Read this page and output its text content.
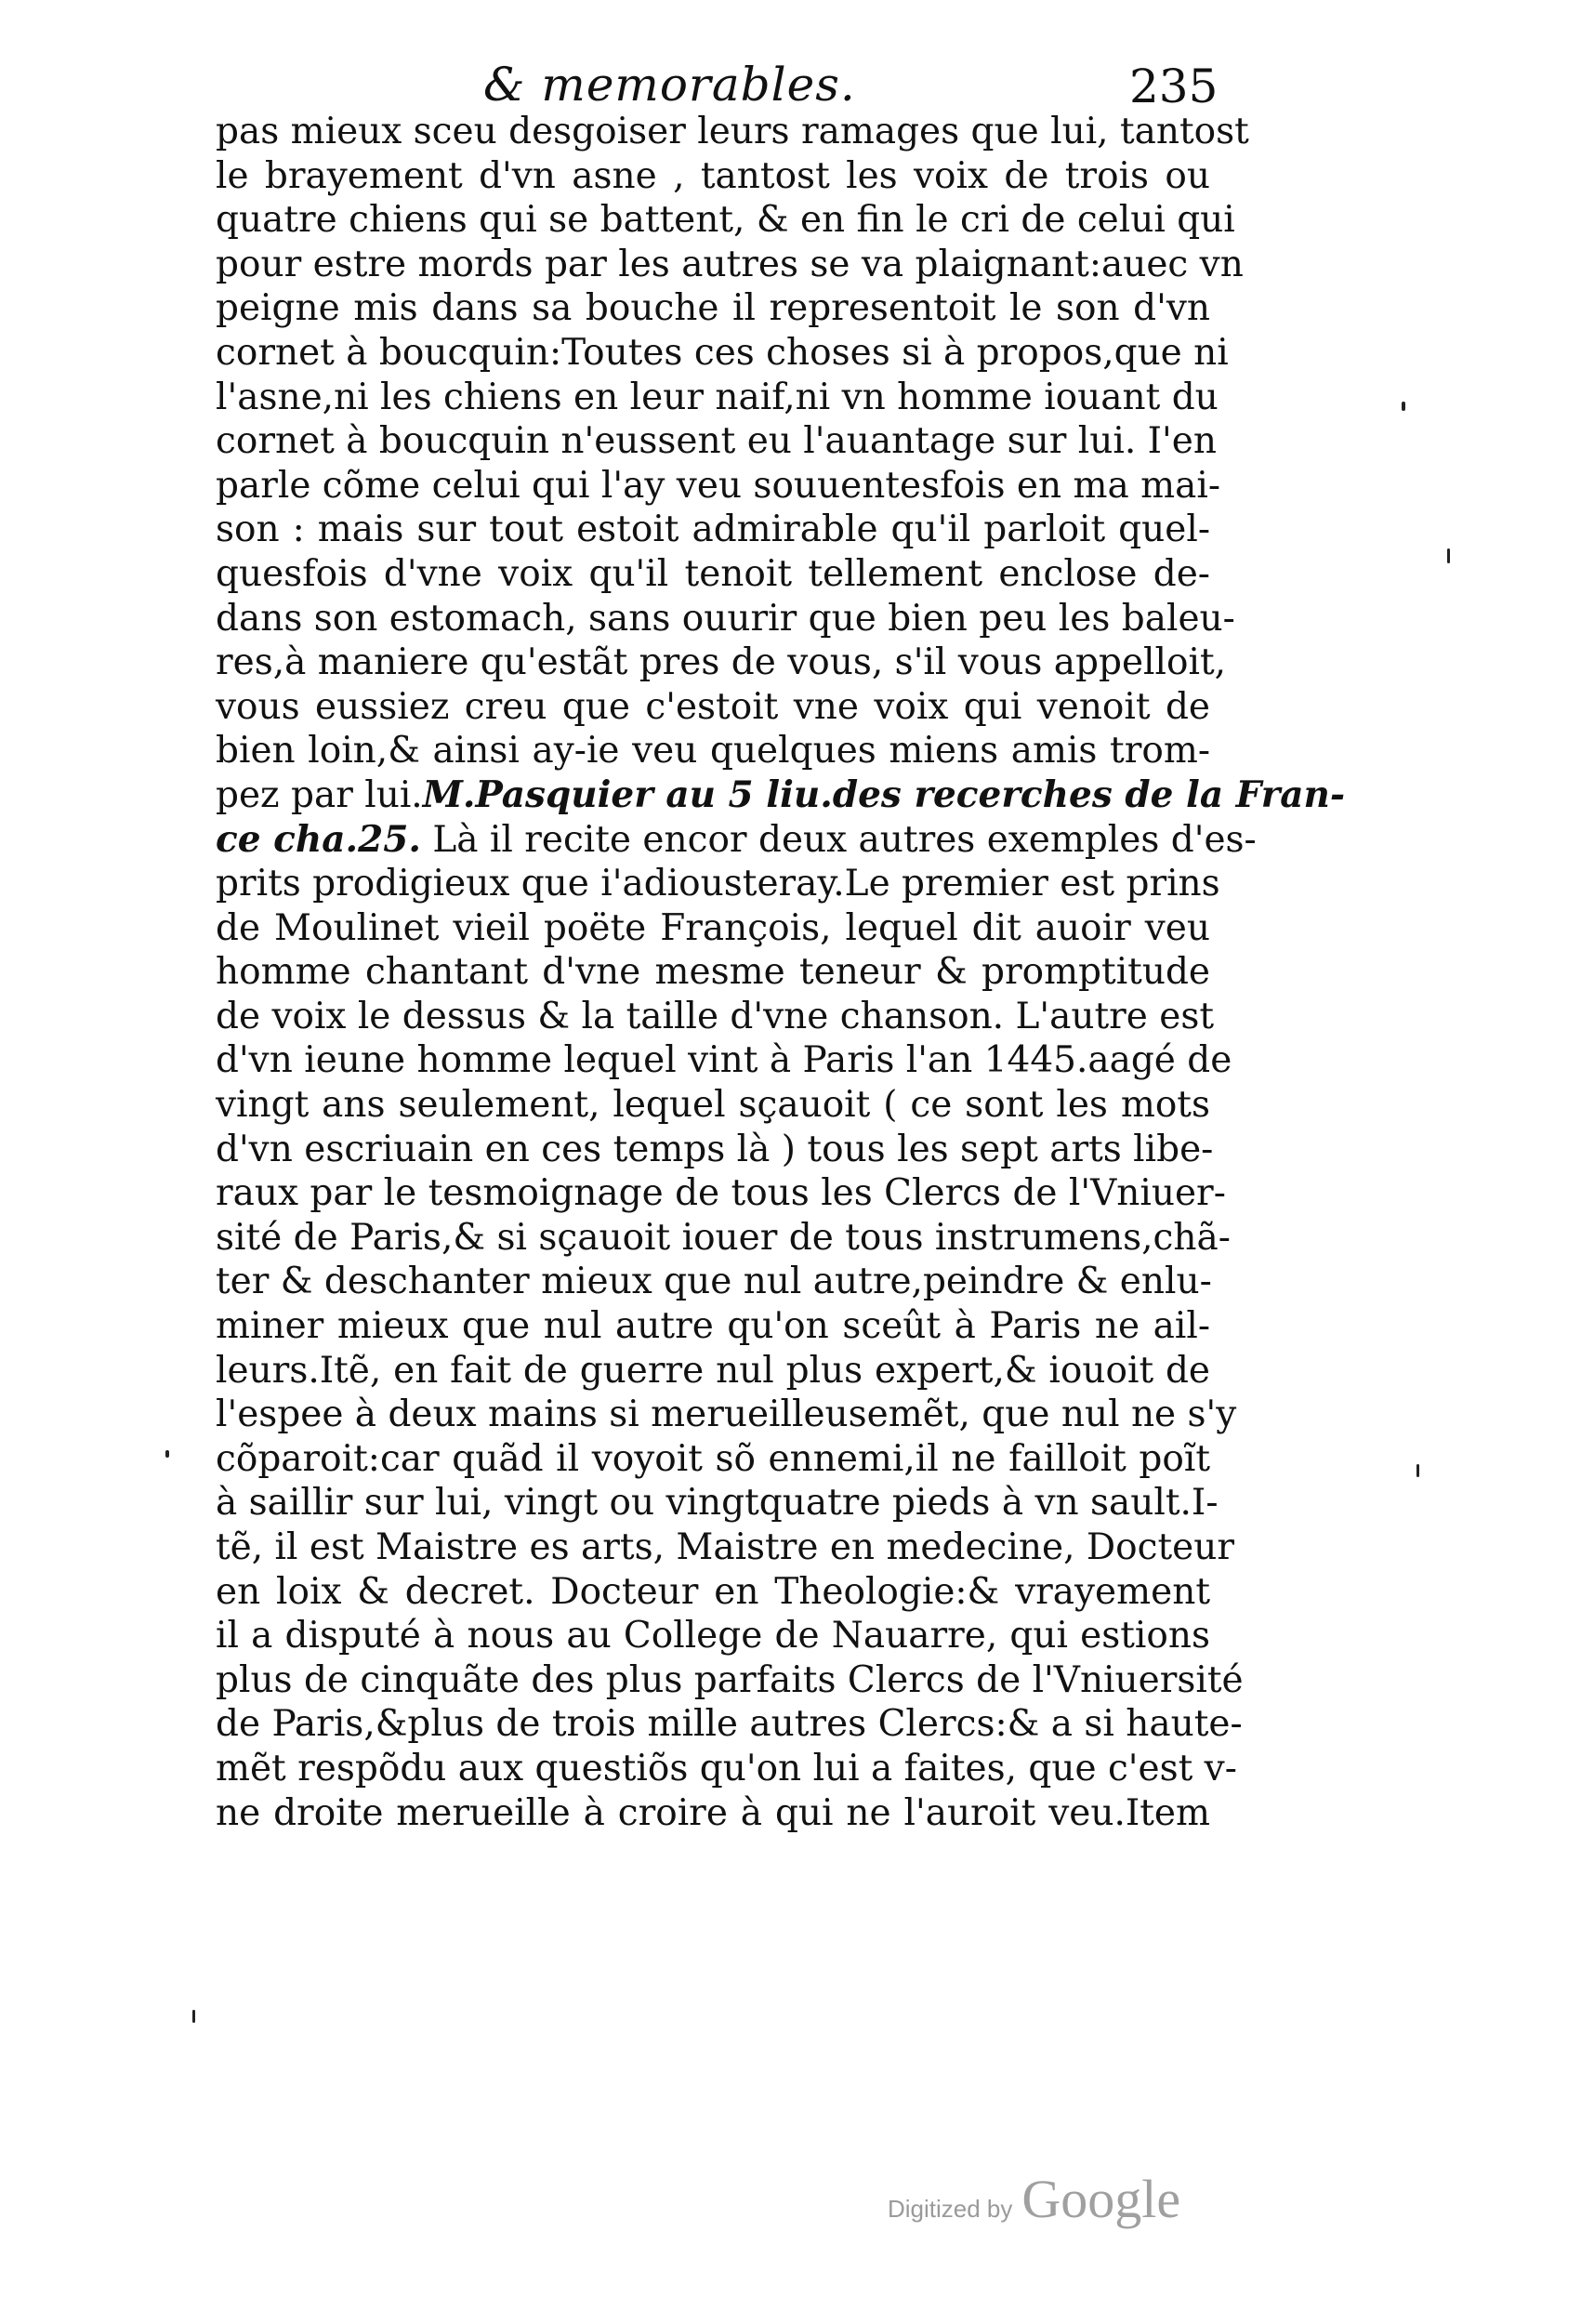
& memorables.	235
pas mieux sceu desgoiser leurs ramages que lui, tantost
le brayement d'vn asne , tantost les voix de trois ou
quatre chiens qui se battent, & en fin le cri de celui qui
pour estre mords par les autres se va plaignant:auec vn
peigne mis dans sa bouche il representoit le son d'vn
cornet à boucquin:Toutes ces choses si à propos,que ni
l'asne,ni les chiens en leur naif,ni vn homme iouant du
cornet à boucquin n'eussent eu l'auantage sur lui. I'en
parle cõme celui qui l'ay veu souuentesfois en ma mai-
son : mais sur tout estoit admirable qu'il parloit quel-
quesfois d'vne voix qu'il tenoit tellement enclose de-
dans son estomach, sans ouurir que bien peu les baleu-
res,à maniere qu'estãt pres de vous, s'il vous appelloit,
vous eussiez creu que c'estoit vne voix qui venoit de
bien loin,& ainsi ay-ie veu quelques miens amis trom-
pez par lui.M.Pasquier au 5 liu.des recerches de la Fran-
ce cha.25. Là il recite encor deux autres exemples d'es-
prits prodigieux que i'adiousteray.Le premier est prins
de Moulinet vieil poëte François, lequel dit auoir veu
homme chantant d'vne mesme teneur & promptitude
de voix le dessus & la taille d'vne chanson. L'autre est
d'vn ieune homme lequel vint à Paris l'an 1445.aagé de
vingt ans seulement, lequel sçauoit ( ce sont les mots
d'vn escriuain en ces temps là ) tous les sept arts libe-
raux par le tesmoignage de tous les Clercs de l'Vniuer-
sité de Paris,& si sçauoit iouer de tous instrumens,chã-
ter & deschanter mieux que nul autre,peindre & enlu-
miner mieux que nul autre qu'on sceût à Paris ne ail-
leurs.Itẽ, en fait de guerre nul plus expert,& iouoit de
l'espee à deux mains si merueilleusemẽt, que nul ne s'y
cõparoit:car quãd il voyoit sõ ennemi,il ne failloit poĩt
à saillir sur lui, vingt ou vingtquatre pieds à vn sault.I-
tẽ, il est Maistre es arts, Maistre en medecine, Docteur
en loix & decret. Docteur en Theologie:& vrayement
il a disputé à nous au College de Nauarre, qui estions
plus de cinquãte des plus parfaits Clercs de l'Vniuersité
de Paris,&plus de trois mille autres Clercs:& a si haute-
mẽt respõdu aux questiõs qu'on lui a faites, que c'est v-
ne droite merueille à croire à qui ne l'auroit veu.Item
Digitized by Google
